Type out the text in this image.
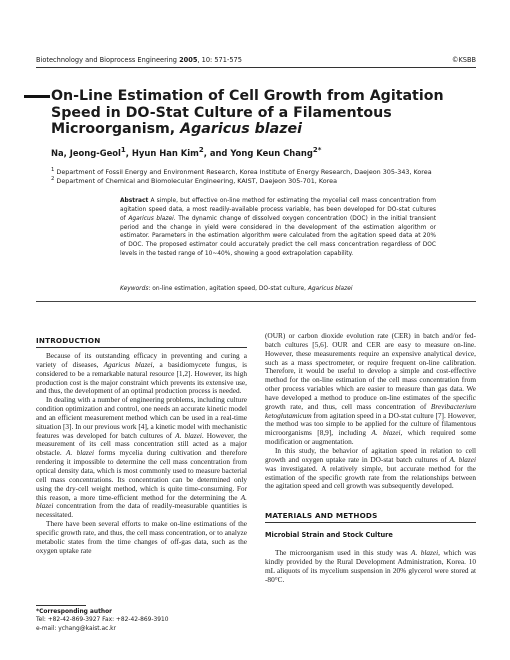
Biotechnology and Bioprocess Engineering 2005, 10: 571-575	©KSBB
On-Line Estimation of Cell Growth from Agitation Speed in DO-Stat Culture of a Filamentous Microorganism, Agaricus blazei
Na, Jeong-Geol$^1$, Hyun Han Kim$^2$, and Yong Keun Chang$^{2*}$
$^1$ Department of Fossil Energy and Environment Research, Korea Institute of Energy Research, Daejeon 305-343, Korea
$^2$ Department of Chemical and Biomolecular Engineering, KAIST, Daejeon 305-701, Korea

Abstract A simple, but effective on-line method for estimating the mycelial cell mass concentration from agitation speed data, a most readily-available process variable, has been developed for DO-stat cultures of Agaricus blazei. The dynamic change of dissolved oxygen concentration (DOC) in the initial transient period and the change in yield were considered in the development of the estimation algorithm or estimator. Parameters in the estimation algorithm were calculated from the agitation speed data at 20% of DOC. The proposed estimator could accurately predict the cell mass concentration regardless of DOC levels in the tested range of 10~40%, showing a good extrapolation capability.

Keywords: on-line estimation, agitation speed, DO-stat culture, Agaricus blazei
INTRODUCTION

Because of its outstanding efficacy in preventing and curing a variety of diseases, Agaricus blazei, a basidiomycete fungus, is considered to be a remarkable natural resource [1,2]. However, its high production cost is the major constraint which prevents its extensive use, and thus, the development of an optimal production process is needed.

In dealing with a number of engineering problems, including culture condition optimization and control, one needs an accurate kinetic model and an efficient measurement method which can be used in a real-time situation [3]. In our previous work [4], a kinetic model with mechanistic features was developed for batch cultures of A. blazei. However, the measurement of its cell mass concentration still acted as a major obstacle. A. blazei forms mycelia during cultivation and therefore rendering it impossible to determine the cell mass concentration from optical density data, which is most commonly used to measure bacterial cell mass concentrations. Its concentration can be determined only using the dry-cell weight method, which is quite time-consuming. For this reason, a more time-efficient method for the determining the A. blazei concentration from the data of readily-measurable quantities is necessitated.

There have been several efforts to make on-line estimations of the specific growth rate, and thus, the cell mass concentration, or to analyze metabolic states from the time changes of off-gas data, such as the oxygen uptake rate

(OUR) or carbon dioxide evolution rate (CER) in batch and/or fed-batch cultures [5,6]. OUR and CER are easy to measure on-line. However, these measurements require an expensive analytical device, such as a mass spectrometer, or require frequent on-line calibration. Therefore, it would be useful to develop a simple and cost-effective method for the on-line estimation of the cell mass concentration from other process variables which are easier to measure than gas data. We have developed a method to produce on-line estimates of the specific growth rate, and thus, cell mass concentration of Brevibacterium ketoglutamicum from agitation speed in a DO-stat culture [7]. However, the method was too simple to be applied for the culture of filamentous microorganisms [8,9], including A. blazei, which required some modification or augmentation.

In this study, the behavior of agitation speed in relation to cell growth and oxygen uptake rate in DO-stat batch cultures of A. blazei was investigated. A relatively simple, but accurate method for the estimation of the specific growth rate from the relationships between the agitation speed and cell growth was subsequently developed.

MATERIALS AND METHODS
Microbial Strain and Stock Culture

The microorganism used in this study was A. blazei, which was kindly provided by the Rural Development Administration, Korea. 10 mL aliquots of its mycelium suspension in 20% glycerol were stored at -80°C.

*Corresponding author
Tel: +82-42-869-3927 Fax: +82-42-869-3910
e-mail: ychang@kaist.ac.kr
